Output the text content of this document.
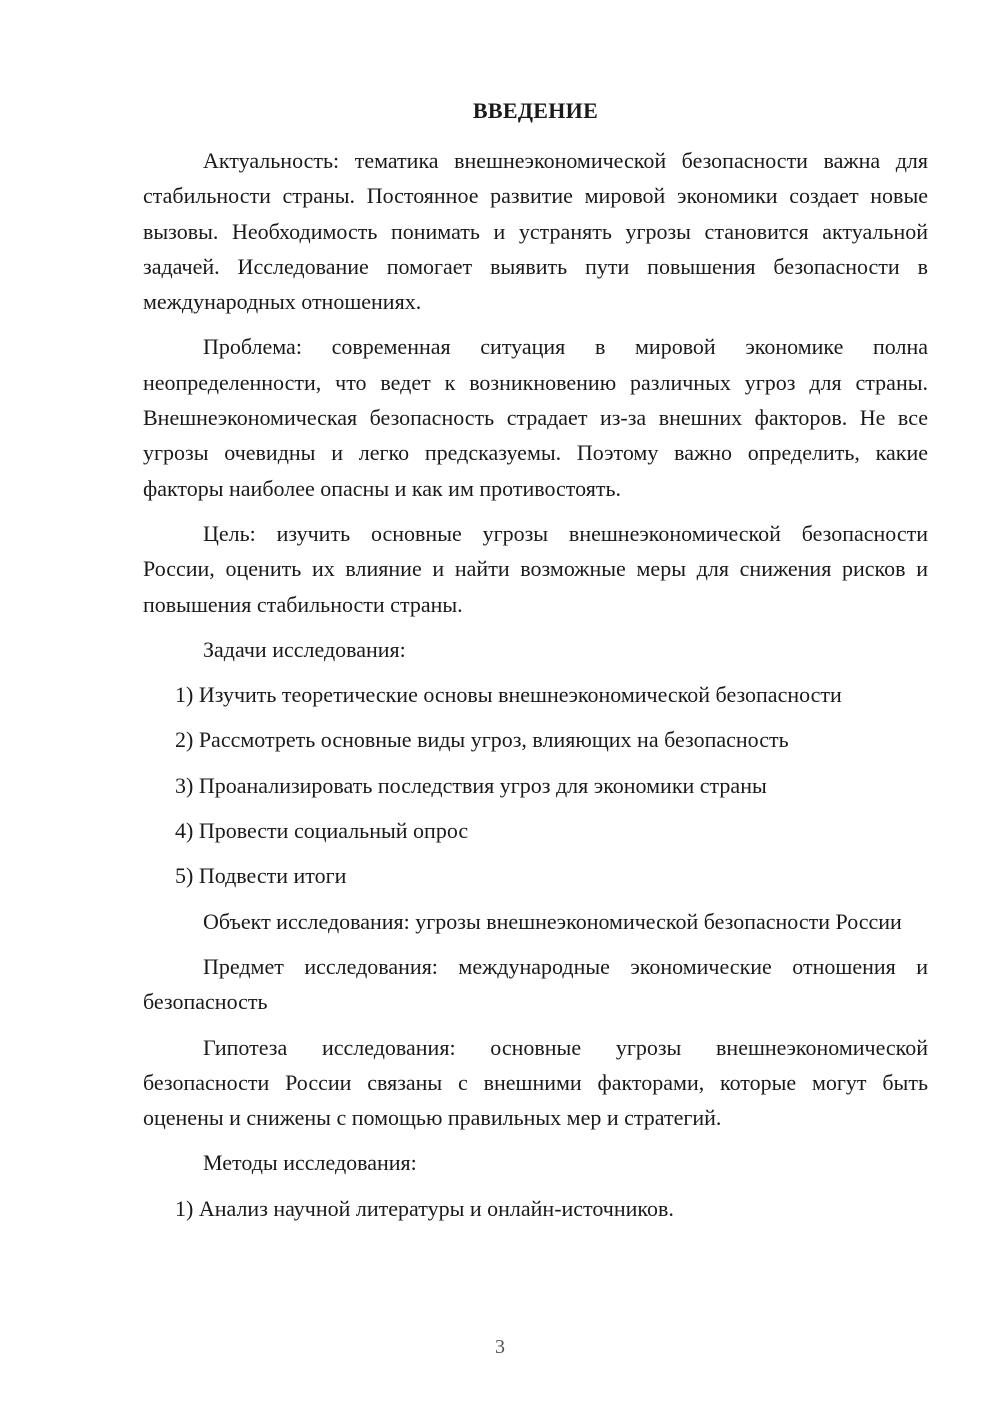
ВВЕДЕНИЕ

Актуальность: тематика внешнеэкономической безопасности важна для стабильности страны. Постоянное развитие мировой экономики создает новые вызовы. Необходимость понимать и устранять угрозы становится актуальной задачей. Исследование помогает выявить пути повышения безопасности в международных отношениях.

Проблема: современная ситуация в мировой экономике полна неопределенности, что ведет к возникновению различных угроз для страны. Внешнеэкономическая безопасность страдает из-за внешних факторов. Не все угрозы очевидны и легко предсказуемы. Поэтому важно определить, какие факторы наиболее опасны и как им противостоять.

Цель: изучить основные угрозы внешнеэкономической безопасности России, оценить их влияние и найти возможные меры для снижения рисков и повышения стабильности страны.

Задачи исследования:

1) Изучить теоретические основы внешнеэкономической безопасности
2) Рассмотреть основные виды угроз, влияющих на безопасность
3) Проанализировать последствия угроз для экономики страны
4) Провести социальный опрос
5) Подвести итоги

Объект исследования: угрозы внешнеэкономической безопасности России

Предмет исследования: международные экономические отношения и безопасность

Гипотеза исследования: основные угрозы внешнеэкономической безопасности России связаны с внешними факторами, которые могут быть оценены и снижены с помощью правильных мер и стратегий.

Методы исследования:

1) Анализ научной литературы и онлайн-источников.
3
